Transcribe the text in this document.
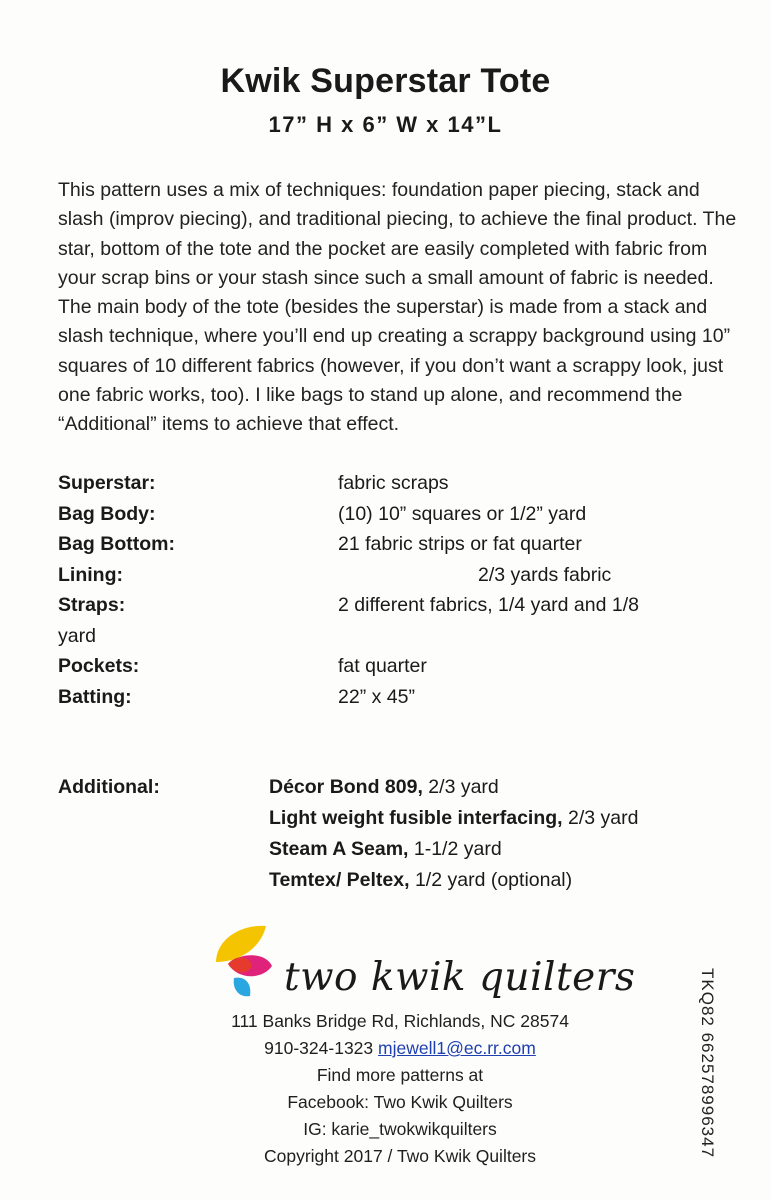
Kwik Superstar Tote
17” H x 6” W x 14”L
This pattern uses a mix of techniques: foundation paper piecing, stack and slash (improv piecing), and traditional piecing, to achieve the final product. The star, bottom of the tote and the pocket are easily completed with fabric from your scrap bins or your stash since such a small amount of fabric is needed. The main body of the tote (besides the superstar) is made from a stack and slash technique, where you’ll end up creating a scrappy background using 10” squares of 10 different fabrics (however, if you don’t want a scrappy look, just one fabric works, too). I like bags to stand up alone, and recommend the “Additional” items to achieve that effect.
Superstar:	fabric scraps
Bag Body:	(10) 10” squares or 1/2” yard
Bag Bottom:	21 fabric strips or fat quarter
Lining:	2/3 yards fabric
Straps:	2 different fabrics, 1/4 yard and 1/8
yard
Pockets:	fat quarter
Batting:	22” x 45”
Additional:	Décor Bond 809, 2/3 yard
Light weight fusible interfacing, 2/3 yard
Steam A Seam, 1-1/2 yard
Temtex/ Peltex, 1/2 yard (optional)
two kwik quilters
111 Banks Bridge Rd, Richlands, NC 28574
910-324-1323 mjewell1@ec.rr.com
Find more patterns at
Facebook: Two Kwik Quilters
IG: karie_twokwikquilters
Copyright 2017 / Two Kwik Quilters	TKQ82 662578996347
